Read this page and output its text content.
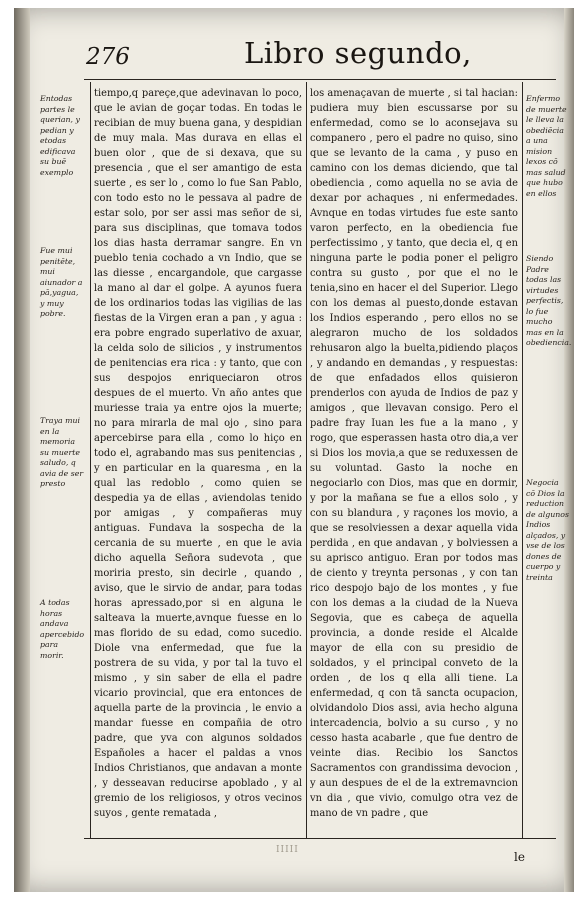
276	Libro segundo,
Entodas partes le querian, y pedian y etodas edificava su buē exemplo
Fue mui penitēte, mui aiunador a pā,yagua, y muy pobre.
Traya mui en la memoria su muerte saludo, q avia de ser presto
A todas horas andava apercebido para morir.
tiempo,q pareçe,que adevinavan lo poco, que le avian de goçar todas. En todas le recibian de muy buena gana, y despidian de muy mala. Mas durava en ellas el buen olor , que de si dexava, que su presencia , que el ser amantigo de esta suerte , es ser lo , como lo fue San Pablo, con todo esto no le pessava al padre de estar solo, por ser assi mas señor de si, para sus disciplinas, que tomava todos los dias hasta derramar sangre. En vn pueblo tenia cochado a vn Indio, que se las diesse , encargandole, que cargasse la mano al dar el golpe. A ayunos fuera de los ordinarios todas las vigilias de las fiestas de la Virgen eran a pan , y agua : era pobre engrado superlativo de axuar, la celda solo de silicios , y instrumentos de penitencias era rica : y tanto, que con sus despojos enriqueciaron otros despues de el muerto. Vn año antes que muriesse traia ya entre ojos la muerte; no para mirarla de mal ojo , sino para apercebirse para ella , como lo hiço en todo el, agrabando mas sus penitencias , y en particular en la quaresma , en la qual las redoblo , como quien se despedia ya de ellas , aviendolas tenido por amigas , y compañeras muy antiguas. Fundava la sospecha de la cercania de su muerte , en que le avia dicho aquella Señora sudevota , que moriria presto, sin decirle , quando , aviso, que le sirvio de andar, para todas horas apressado,por si en alguna le salteava la muerte,avnque fuesse en lo mas florido de su edad, como sucedio. Diole vna enfermedad, que fue la postrera de su vida, y por tal la tuvo el mismo , y sin saber de ella el padre vicario provincial, que era entonces de aquella parte de la provincia , le envio a mandar fuesse en compañia de otro padre, que yva con algunos soldados Españoles a hacer el paldas a vnos Indios Christianos, que andavan a monte , y desseavan reducirse apoblado , y al gremio de los religiosos, y otros vecinos suyos , gente rematada ,
los amenaçavan de muerte , si tal hacian: pudiera muy bien escussarse por su enfermedad, como se lo aconsejava su companero , pero el padre no quiso, sino que se levanto de la cama , y puso en camino con los demas diciendo, que tal obediencia , como aquella no se avia de dexar por achaques , ni enfermedades. Avnque en todas virtudes fue este santo varon perfecto, en la obediencia fue perfectissimo , y tanto, que decia el, q en ninguna parte le podia poner el peligro contra su gusto , por que el no le tenia,sino en hacer el del Superior. Llego con los demas al puesto,donde estavan los Indios esperando , pero ellos no se alegraron mucho de los soldados rehusaron algo la buelta,pidiendo plaços , y andando en demandas , y respuestas: de que enfadados ellos quisieron prenderlos con ayuda de Indios de paz y amigos , que llevavan consigo. Pero el padre fray Iuan les fue a la mano , y rogo, que esperassen hasta otro dia,a ver si Dios los movia,a que se reduxessen de su voluntad. Gasto la noche en negociarlo con Dios, mas que en dormir, y por la mañana se fue a ellos solo , y con su blandura , y raçones los movio, a que se resolviessen a dexar aquella vida perdida , en que andavan , y bolviessen a su aprisco antiguo. Eran por todos mas de ciento y treynta personas , y con tan rico despojo bajo de los montes , y fue con los demas a la ciudad de la Nueva Segovia, que es cabeça de aquella provincia, a donde reside el Alcalde mayor de ella con su presidio de soldados, y el principal conveto de la orden , de los q ella alli tiene. La enfermedad, q con tā sancta ocupacion, olvidandolo Dios assi, avia hecho alguna intercadencia, bolvio a su curso , y no cesso hasta acabarle , que fue dentro de veinte dias. Recibio los Sanctos Sacramentos con grandissima devocion , y aun despues de el de la extremavncion vn dia , que vivio, comulgo otra vez de mano de vn padre , que
Enfermo de muerte le lleva la obediēcia a una mision lexos cō mas salud que hubo en ellos
Siendo Padre todas las virtudes perfectis, lo fue mucho mas en la obediencia.
Negocia cō Dios la reduction de algunos Indios alçados, y vse de los dones de cuerpo y treinta
IIIII	le
